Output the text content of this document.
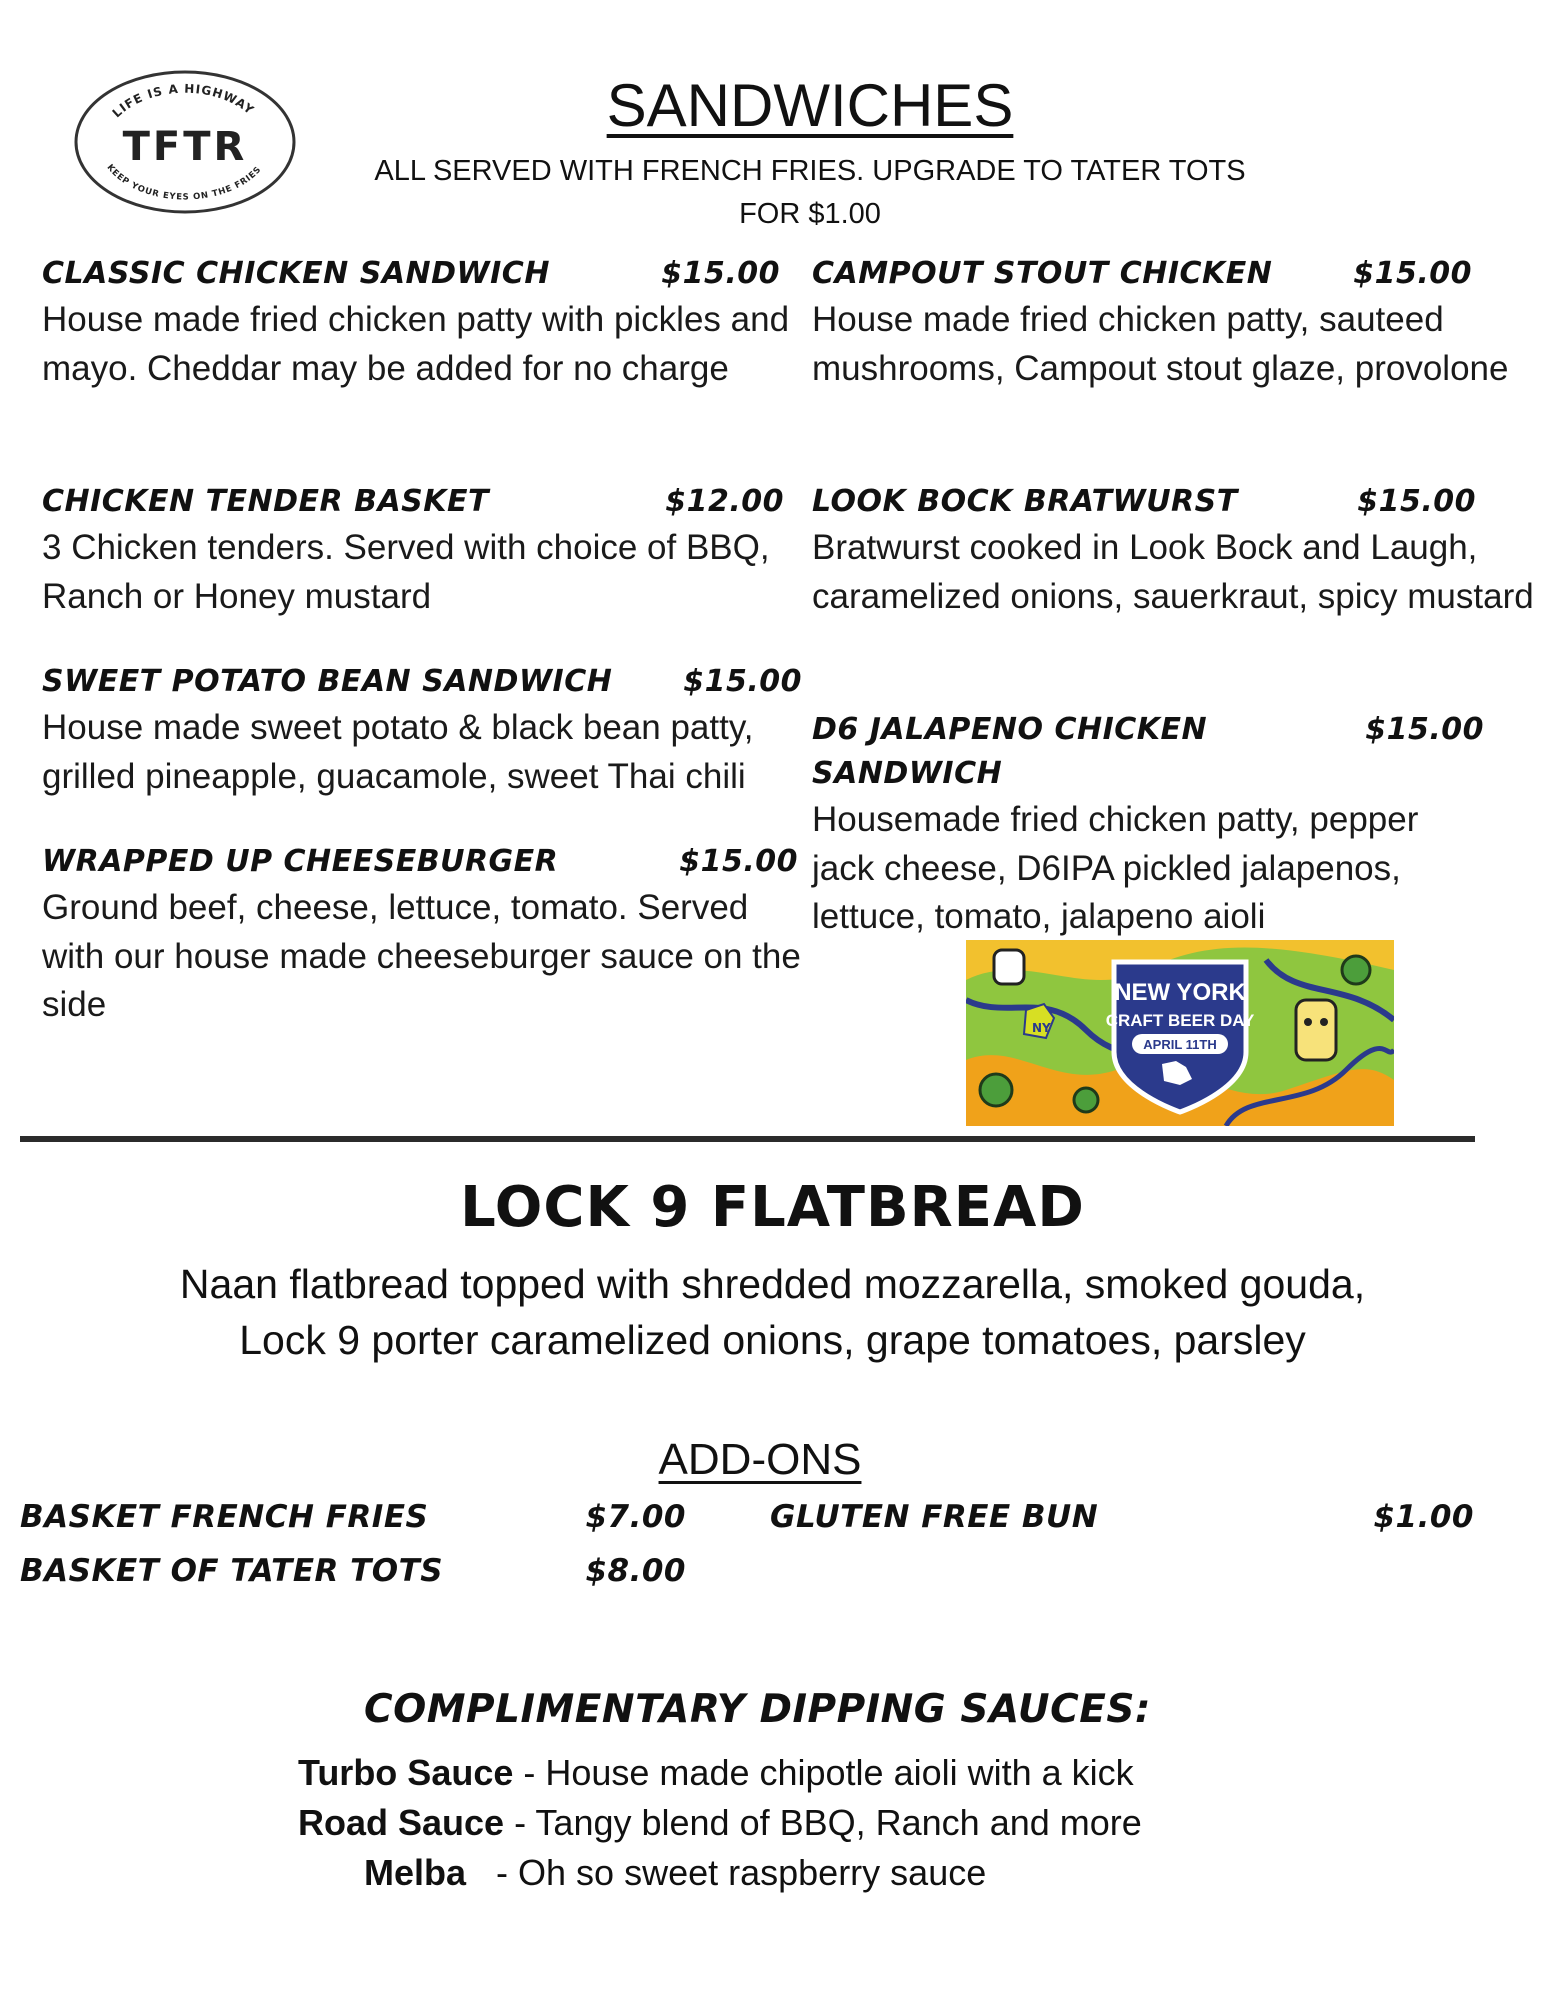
LIFE IS A HIGHWAY
TFTR
KEEP YOUR EYES ON THE FRIES
SANDWICHES
ALL SERVED WITH FRENCH FRIES. UPGRADE TO TATER TOTS
FOR $1.00
CLASSIC CHICKEN SANDWICH	$15.00
House made fried chicken patty with pickles and mayo. Cheddar may be added for no charge
CHICKEN TENDER BASKET	$12.00
3 Chicken tenders. Served with choice of BBQ, Ranch or Honey mustard
SWEET POTATO BEAN SANDWICH $15.00
House made sweet potato & black bean patty, grilled pineapple, guacamole, sweet Thai chili
WRAPPED UP CHEESEBURGER	$15.00
Ground beef, cheese, lettuce, tomato. Served with our house made cheeseburger sauce on the side
CAMPOUT STOUT CHICKEN	$15.00
House made fried chicken patty, sauteed mushrooms, Campout stout glaze, provolone
LOOK BOCK BRATWURST	$15.00
Bratwurst cooked in Look Bock and Laugh, caramelized onions, sauerkraut, spicy mustard
D6 JALAPENO CHICKEN SANDWICH
$15.00
Housemade fried chicken patty, pepper jack cheese, D6IPA pickled jalapenos, lettuce, tomato, jalapeno aioli
NY
NEW YORK
CRAFT BEER DAY
APRIL 11TH
LOCK 9 FLATBREAD
Naan flatbread topped with shredded mozzarella, smoked gouda,
Lock 9 porter caramelized onions, grape tomatoes, parsley
ADD-ONS
BASKET FRENCH FRIES	$7.00
BASKET OF TATER TOTS	$8.00
GLUTEN FREE BUN	$1.00
COMPLIMENTARY DIPPING SAUCES:
Turbo Sauce - House made chipotle aioli with a kick
Road Sauce - Tangy blend of BBQ, Ranch and more
Melba   - Oh so sweet raspberry sauce
